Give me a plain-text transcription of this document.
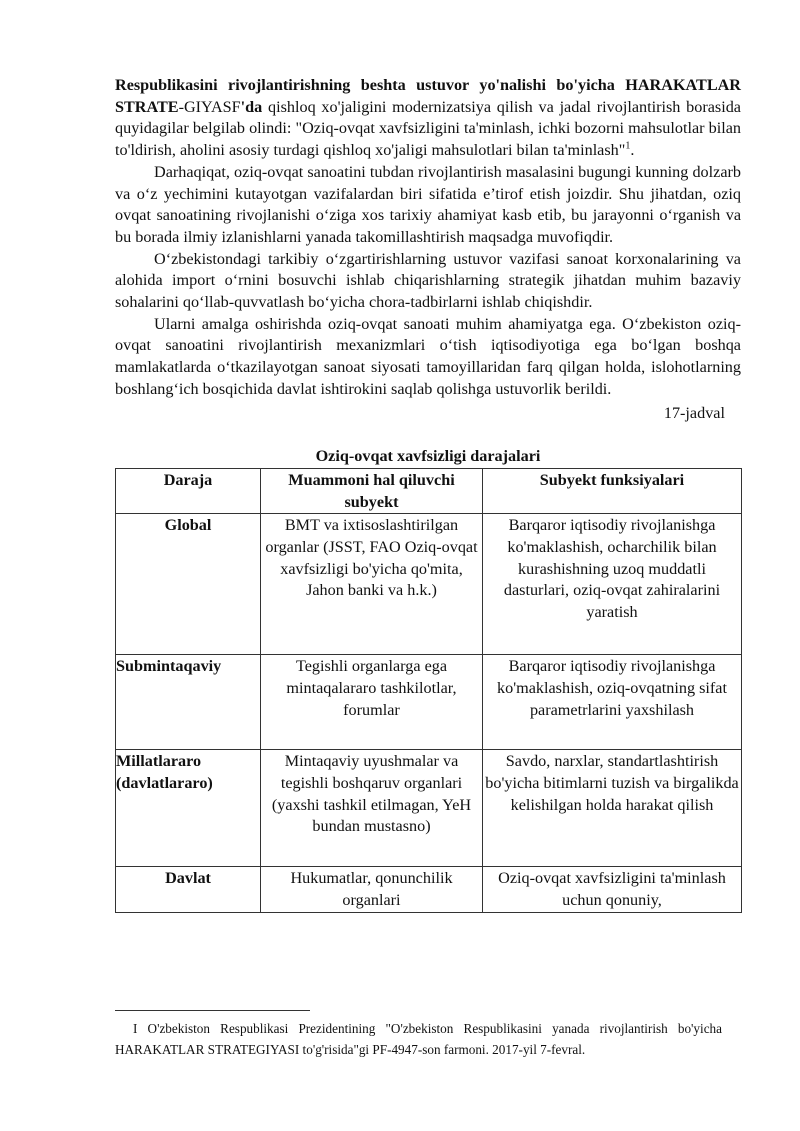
Respublikasini rivojlantirishning beshta ustuvor yo'nalishi bo'yicha HARAKATLAR STRATE-GIYASF'da qishloq xo'jaligini modernizatsiya qilish va jadal rivojlantirish borasida quyidagilar belgilab olindi: "Oziq-ovqat xavfsizligini ta'minlash, ichki bozorni mahsulotlar bilan to'ldirish, aholini asosiy turdagi qishloq xo'jaligi mahsulotlari bilan ta'minlash"$^1$.

Darhaqiqat, oziq-ovqat sanoatini tubdan rivojlantirish masalasini bugungi kunning dolzarb va o‘z yechimini kutayotgan vazifalardan biri sifatida e’tirof etish joizdir. Shu jihatdan, oziq ovqat sanoatining rivojlanishi o‘ziga xos tarixiy ahamiyat kasb etib, bu jarayonni o‘rganish va bu borada ilmiy izlanishlarni yanada takomillashtirish maqsadga muvofiqdir.

O‘zbekistondagi tarkibiy o‘zgartirishlarning ustuvor vazifasi sanoat korxonalarining va alohida import o‘rnini bosuvchi ishlab chiqarishlarning strategik jihatdan muhim bazaviy sohalarini qo‘llab-quvvatlash bo‘yicha chora-tadbirlarni ishlab chiqishdir.

Ularni amalga oshirishda oziq-ovqat sanoati muhim ahamiyatga ega. O‘zbekiston oziq-ovqat sanoatini rivojlantirish mexanizmlari o‘tish iqtisodiyotiga ega bo‘lgan boshqa mamlakatlarda o‘tkazilayotgan sanoat siyosati tamoyillaridan farq qilgan holda, islohotlarning boshlang‘ich bosqichida davlat ishtirokini saqlab qolishga ustuvorlik berildi.

17-jadval

Oziq-ovqat xavfsizligi darajalari

Daraja	Muammoni hal qiluvchi subyekt	Subyekt funksiyalari
Global	BMT va ixtisoslashtirilgan organlar (JSST, FAO Oziq-ovqat xavfsizligi bo'yicha qo'mita, Jahon banki va h.k.)	Barqaror iqtisodiy rivojlanishga ko'maklashish, ocharchilik bilan kurashishning uzoq muddatli dasturlari, oziq-ovqat zahiralarini yaratish
Submintaqaviy	Tegishli organlarga ega mintaqalararo tashkilotlar, forumlar	Barqaror iqtisodiy rivojlanishga ko'maklashish, oziq-ovqatning sifat parametrlarini yaxshilash
Millatlararo (davlatlararo)	Mintaqaviy uyushmalar va tegishli boshqaruv organlari (yaxshi tashkil etilmagan, YeH bundan mustasno)	Savdo, narxlar, standartlashtirish bo'yicha bitimlarni tuzish va birgalikda kelishilgan holda harakat qilish
Davlat	Hukumatlar, qonunchilik organlari	Oziq-ovqat xavfsizligini ta'minlash uchun qonuniy,

I O'zbekiston Respublikasi Prezidentining "O'zbekiston Respublikasini yanada rivojlantirish bo'yicha HARAKATLAR STRATEGIYASI to'g'risida"gi PF-4947-son farmoni. 2017-yil 7-fevral.
